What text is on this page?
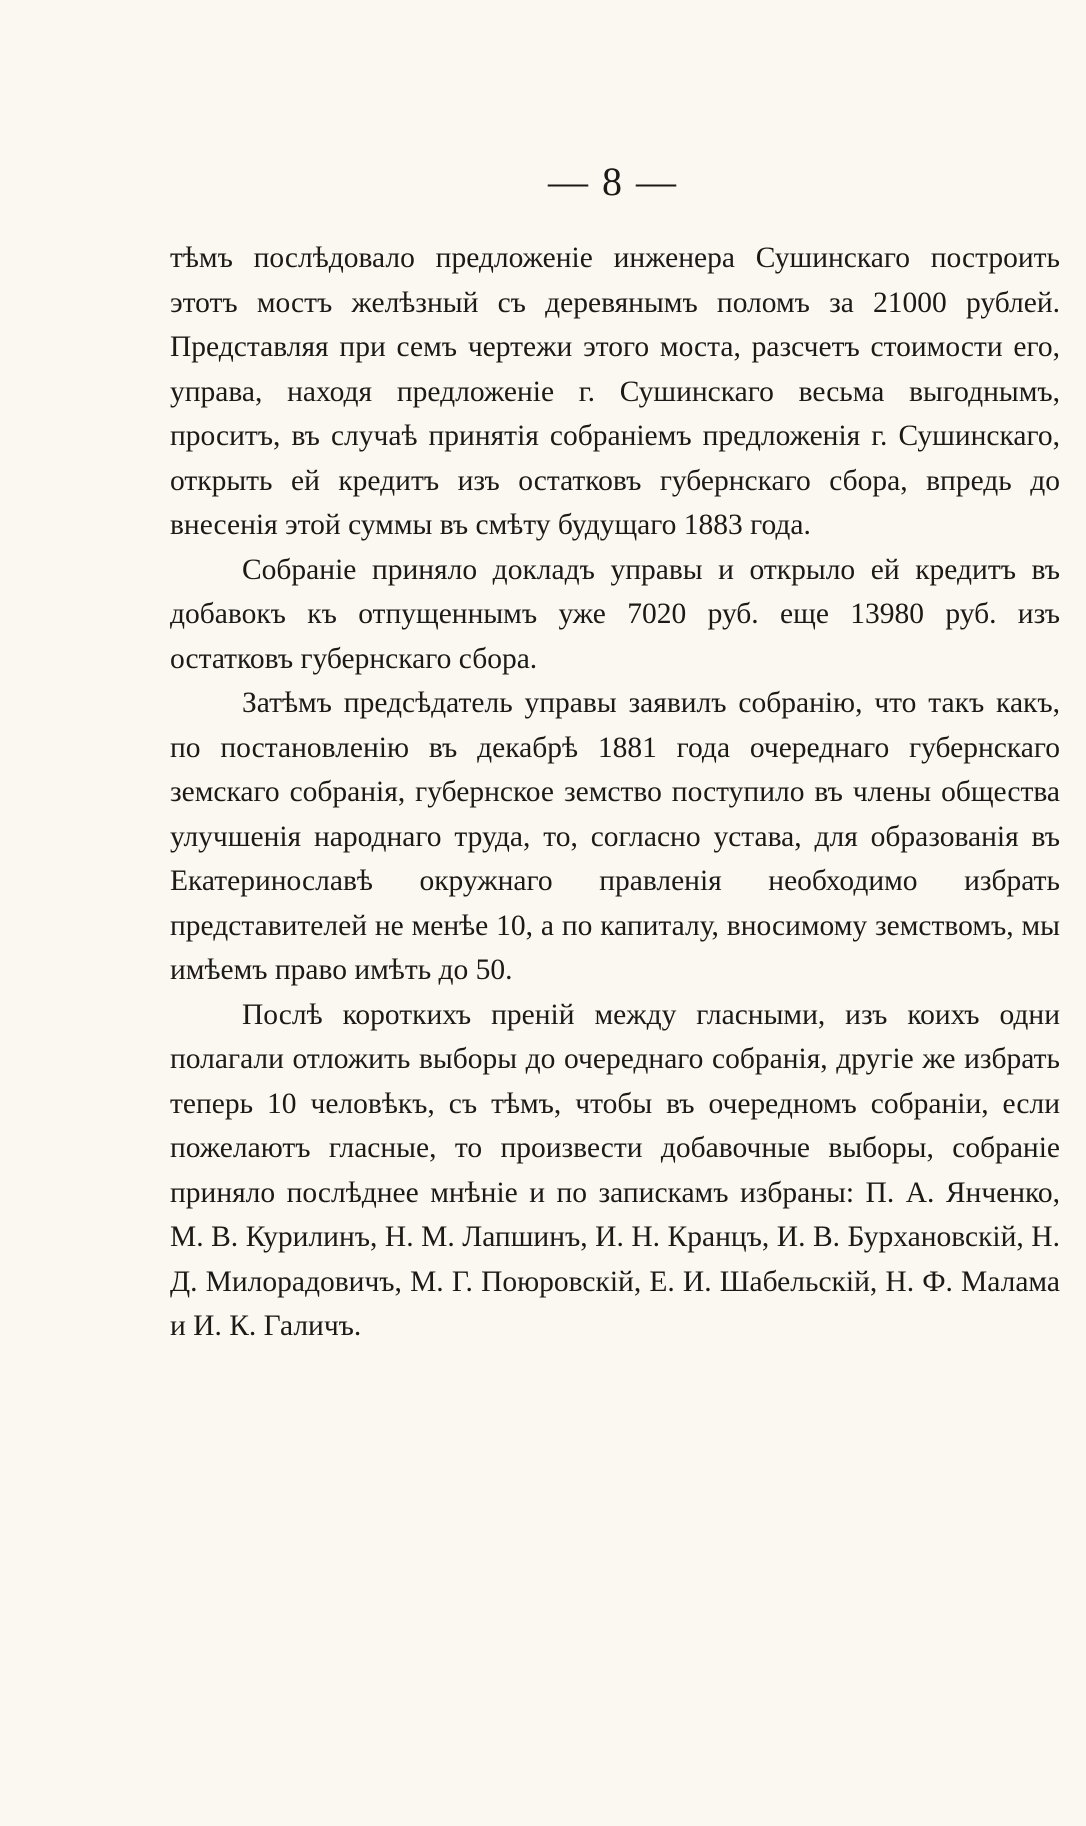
— 8 —

тѣмъ послѣдовало предложеніе инженера Сушинскаго построить этотъ мостъ желѣзный съ деревянымъ поломъ за 21000 рублей. Представляя при семъ чертежи этого моста, разсчетъ стоимости его, управа, находя предложеніе г. Сушинскаго весьма выгоднымъ, проситъ, въ случаѣ принятія собраніемъ предложенія г. Сушинскаго, открыть ей кредитъ изъ остатковъ губернскаго сбора, впредь до внесенія этой суммы въ смѣту будущаго 1883 года.

Собраніе приняло докладъ управы и открыло ей кредитъ въ добавокъ къ отпущеннымъ уже 7020 руб. еще 13980 руб. изъ остатковъ губернскаго сбора.

Затѣмъ предсѣдатель управы заявилъ собранію, что такъ какъ, по постановленію въ декабрѣ 1881 года очереднаго губернскаго земскаго собранія, губернское земство поступило въ члены общества улучшенія народнаго труда, то, согласно устава, для образованія въ Екатеринославѣ окружнаго правленія необходимо избрать представителей не менѣе 10, а по капиталу, вносимому земствомъ, мы имѣемъ право имѣть до 50.

Послѣ короткихъ преній между гласными, изъ коихъ одни полагали отложить выборы до очереднаго собранія, другіе же избрать теперь 10 человѣкъ, съ тѣмъ, чтобы въ очередномъ собраніи, если пожелаютъ гласные, то произвести добавочные выборы, собраніе приняло послѣднее мнѣніе и по запискамъ избраны: П. А. Янченко, М. В. Курилинъ, Н. М. Лапшинъ, И. Н. Кранцъ, И. В. Бурхановскій, Н. Д. Милорадовичъ, М. Г. Поюровскій, Е. И. Шабельскій, Н. Ф. Малама и И. К. Галичъ.
